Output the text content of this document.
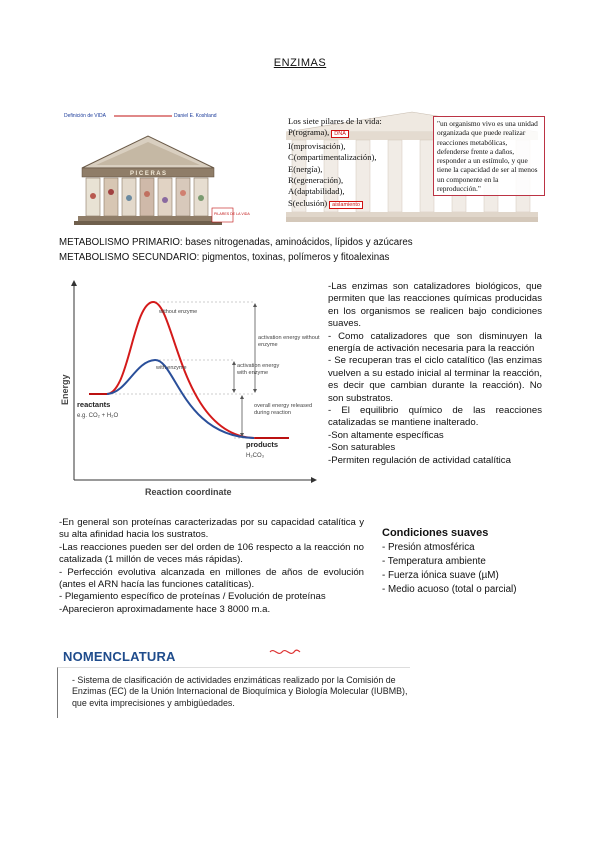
ENZIMAS
Definición de VIDA	Daniel E. Koshland
P I C E R A S
PILARES DE LA VIDA
Los siete pilares de la vida:
P(rograma), DNA
I(mprovisación),
C(ompartimentalización),
E(nergía),
R(egeneración),
A(daptabilidad),
S(eclusión) aislamiento
"un organismo vivo es una unidad organizada que puede realizar reacciones metabólicas, defenderse frente a daños, responder a un estímulo, y que tiene la capacidad de ser al menos un componente en la reproducción."
METABOLISMO PRIMARIO: bases nitrogenadas, aminoácidos, lípidos y azúcares
METABOLISMO SECUNDARIO: pigmentos, toxinas, polímeros y fitoalexinas
Energy
Reaction coordinate
without enzyme
with enzyme
activation energy without enzyme
activation energy with enzyme
overall energy released during reaction
reactants
e.g. CO₂ + H₂O
products
H₂CO₃
-Las enzimas son catalizadores biológicos, que permiten que las reacciones químicas producidas en los organismos se realicen bajo condiciones suaves.
- Como catalizadores que son disminuyen la energía de activación necesaria para la reacción
- Se recuperan tras el ciclo catalítico (las enzimas vuelven a su estado inicial al terminar la reacción, es decir que cambian durante la reacción). No son substratos.
- El equilibrio químico de las reacciones catalizadas se mantiene inalterado.
-Son altamente específicas
-Son saturables
-Permiten regulación de actividad catalítica
-En general son proteínas caracterizadas por su capacidad catalítica y su alta afinidad hacia los sustratos.
-Las reacciones pueden ser del orden de 106 respecto a la reacción no catalizada (1 millón de veces más rápidas).
- Perfección evolutiva alcanzada en millones de años de evolución (antes el ARN hacía las funciones catalíticas).
- Plegamiento específico de proteínas / Evolución de proteínas
-Aparecieron aproximadamente hace 3 8000 m.a.
Condiciones suaves
- Presión atmosférica
- Temperatura ambiente
- Fuerza iónica suave (µM)
- Medio acuoso (total o parcial)
NOMENCLATURA
- Sistema de clasificación de actividades enzimáticas realizado por la Comisión de Enzimas (EC) de la Unión Internacional de Bioquímica y Biología Molecular (IUBMB), que evita imprecisiones y ambigüedades.
